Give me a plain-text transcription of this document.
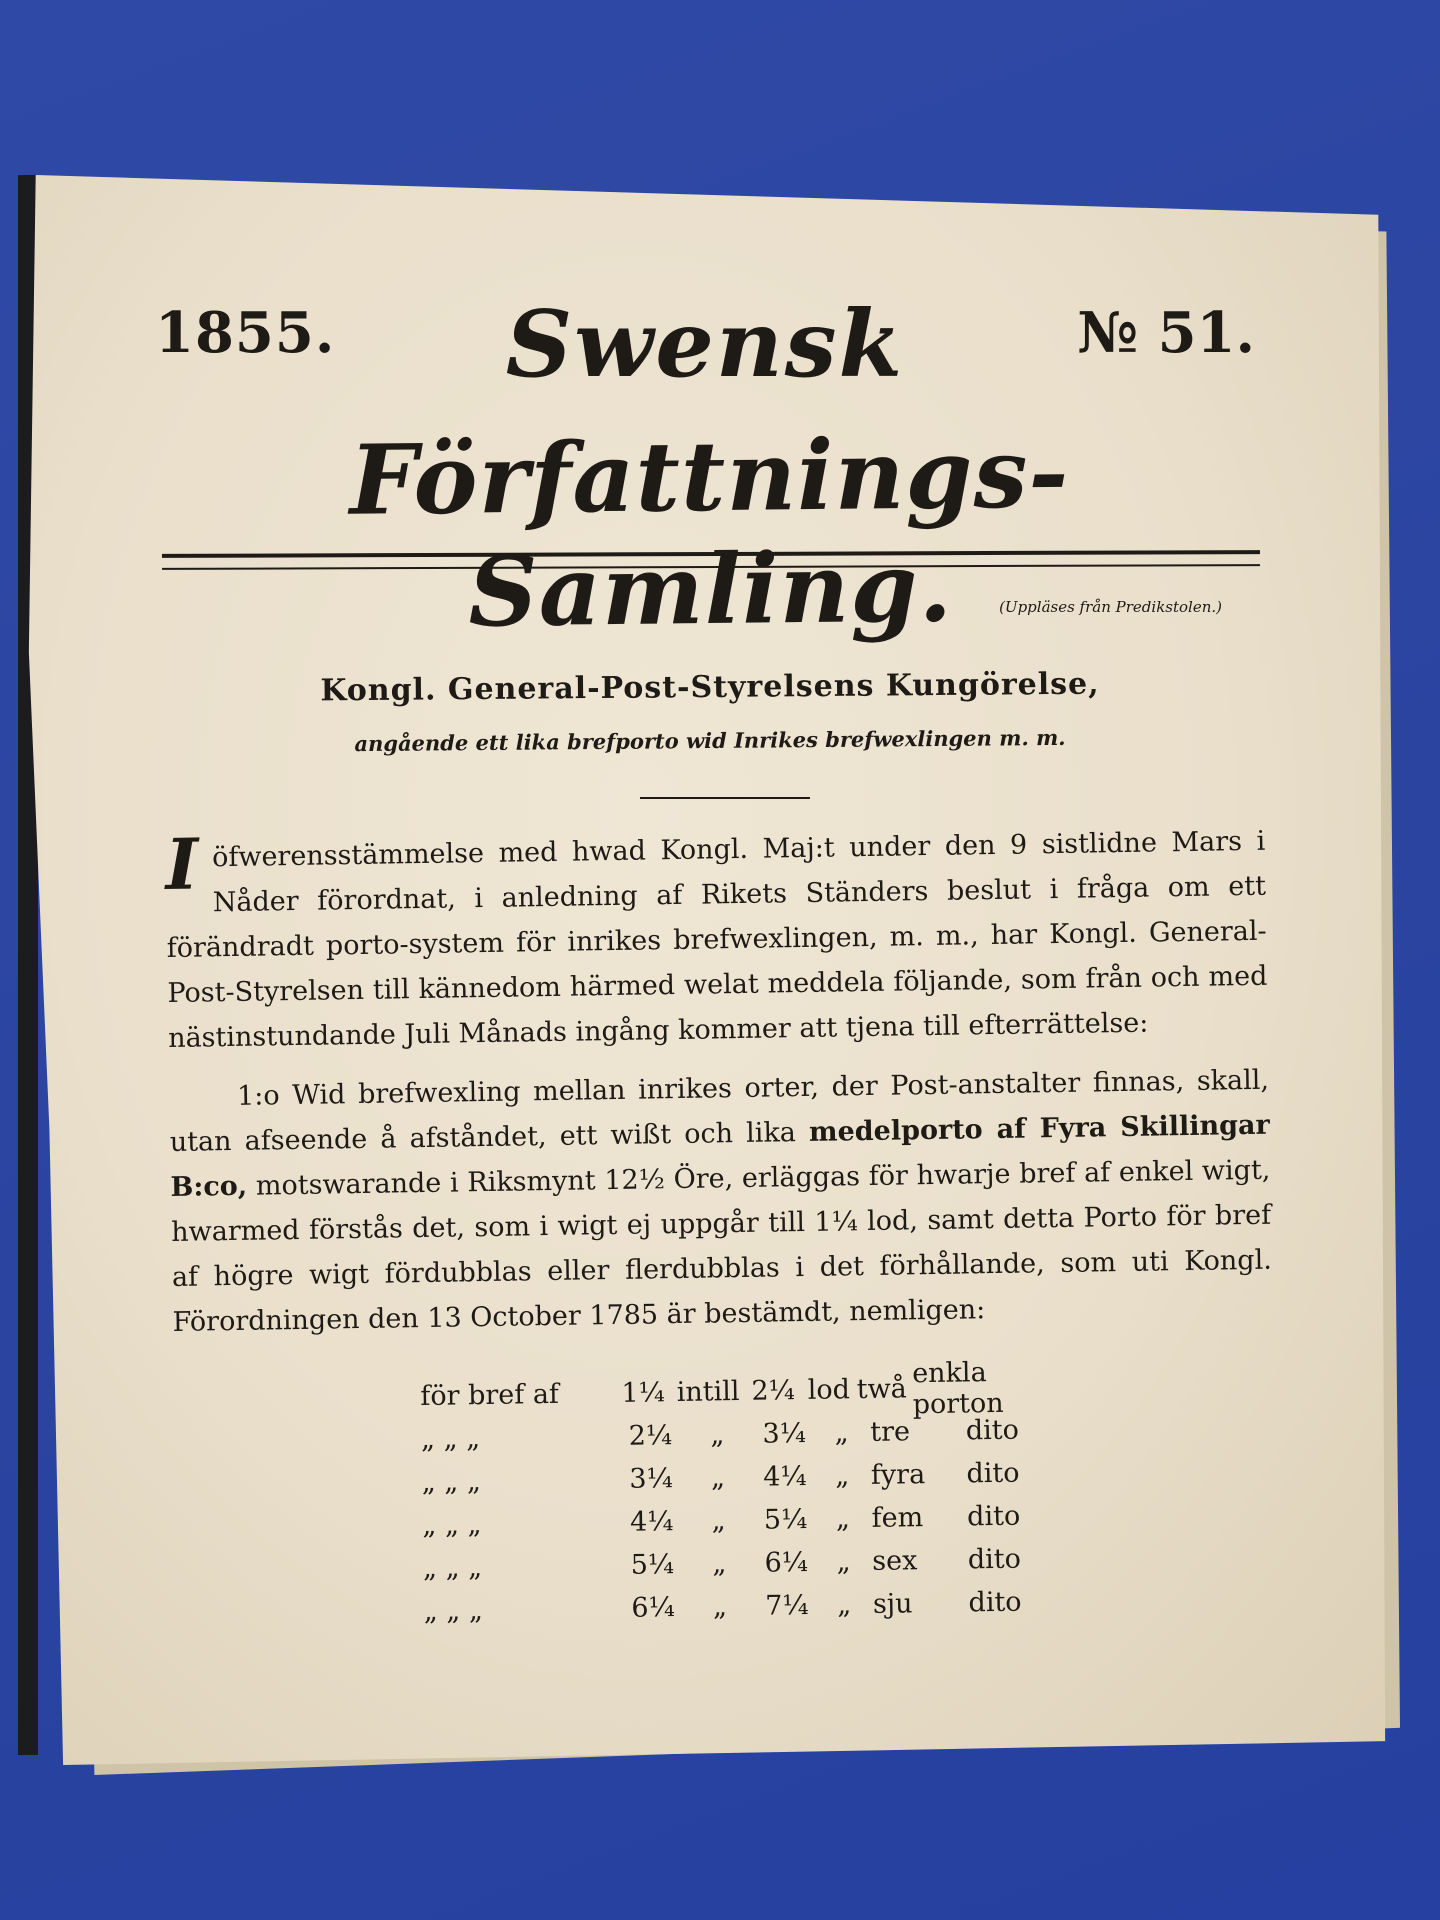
1855.	Swensk	№ 51.
Författnings-Samling.	(Uppläses från Predikstolen.)
Kongl. General-Post-Styrelsens Kungörelse,
angående ett lika brefporto wid Inrikes brefwexlingen m. m.

I öfwerensstämmelse med hwad Kongl. Maj:t under den 9 sistlidne Mars i Nåder förordnat, i anledning af Rikets Ständers beslut i fråga om ett förändradt porto-system för inrikes brefwexlingen, m. m., har Kongl. General-Post-Styrelsen till kännedom härmed welat meddela följande, som från och med nästinstundande Juli Månads ingång kommer att tjena till efterrättelse:

1:o Wid brefwexling mellan inrikes orter, der Post-anstalter finnas, skall, utan afseende å afståndet, ett wißt och lika medelporto af Fyra Skillingar B:co, motswarande i Riksmynt 12½ Öre, erläggas för hwarje bref af enkel wigt, hwarmed förstås det, som i wigt ej uppgår till 1¼ lod, samt detta Porto för bref af högre wigt fördubblas eller flerdubblas i det förhållande, som uti Kongl. Förordningen den 13 October 1785 är bestämdt, nemligen:

för bref af	1¼ intill 2¼ lod twå
enkla porton
„ „ „	2¼	„	3¼	„ tre	dito
„ „ „	3¼	„	4¼	„ fyra	dito
„ „ „	4¼	„	5¼	„ fem	dito
„ „ „	5¼	„	6¼	„ sex	dito
„ „ „	6¼	„	7¼	„ sju	dito
